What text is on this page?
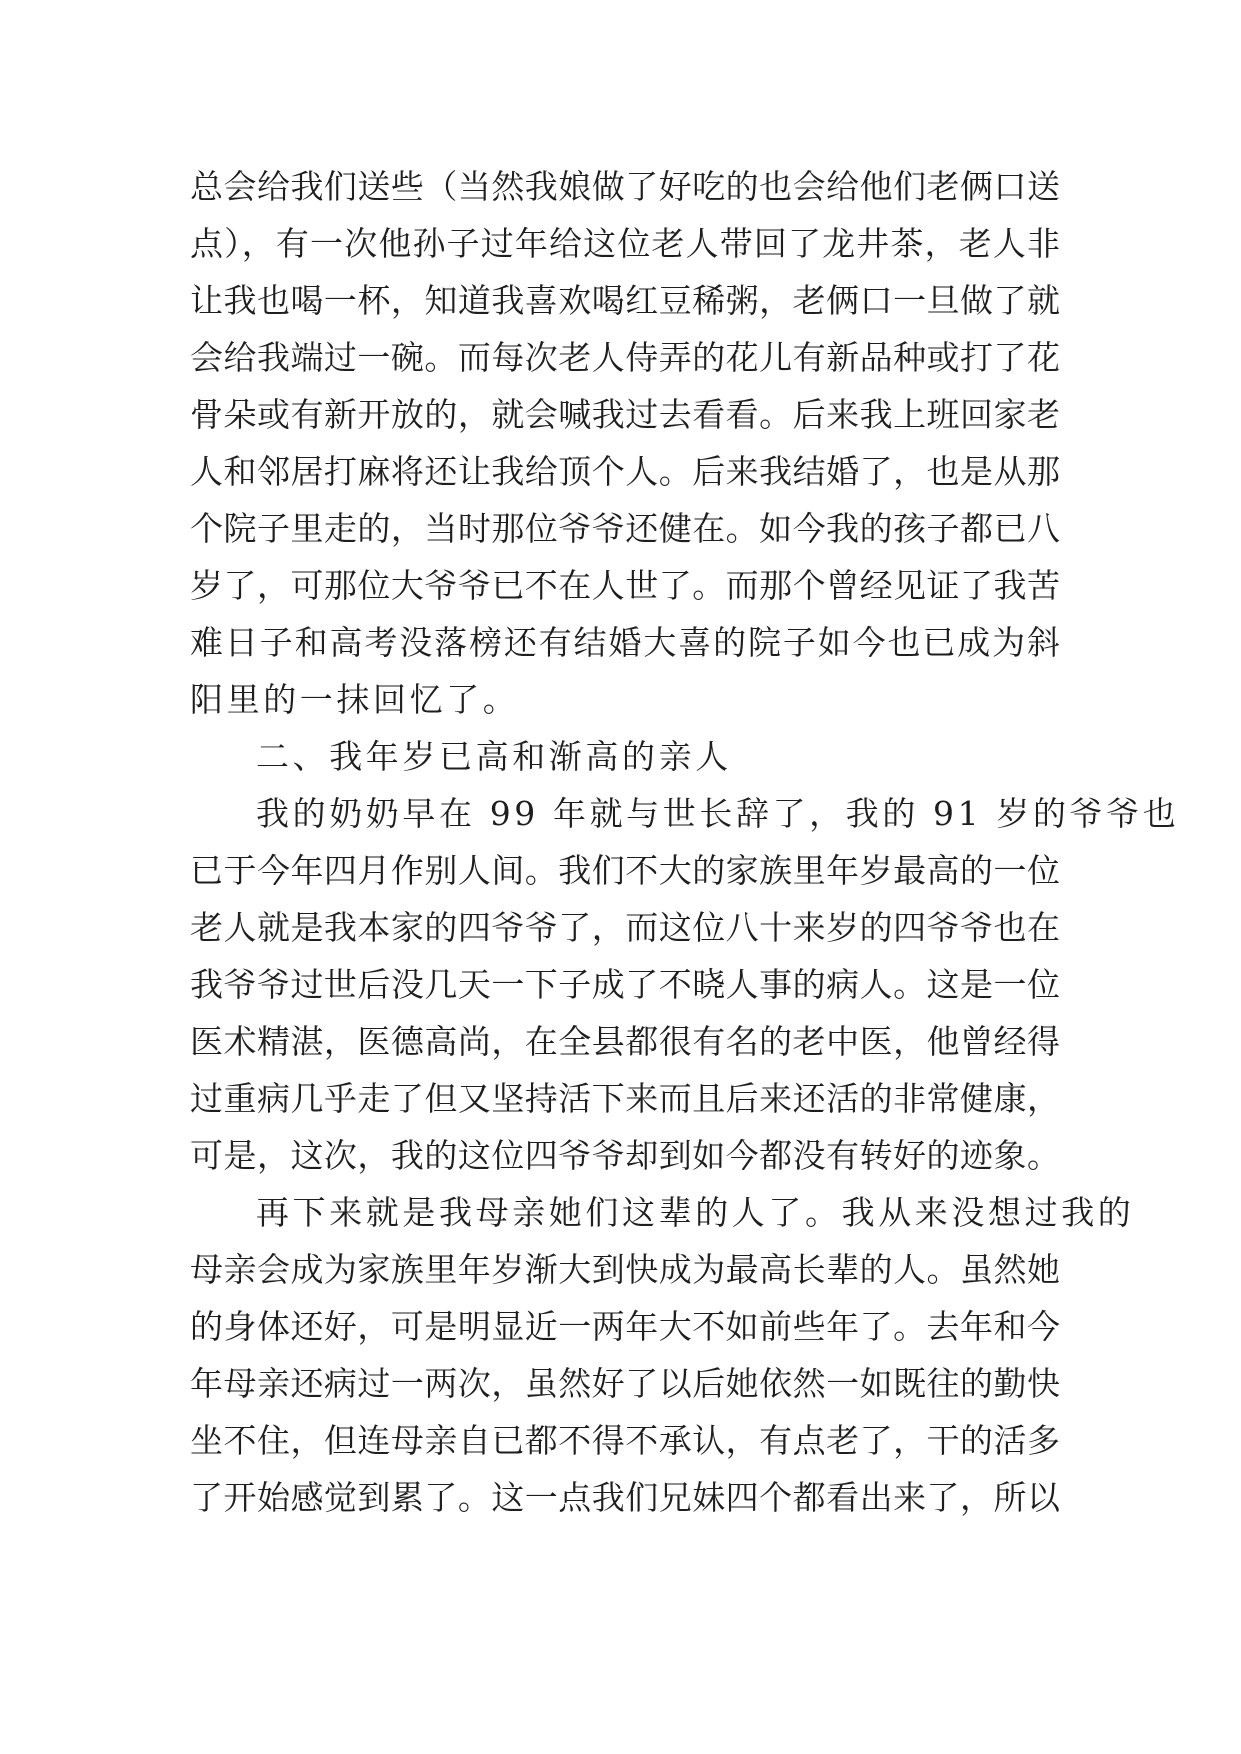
总会给我们送些（当然我娘做了好吃的也会给他们老俩口送
点），有一次他孙子过年给这位老人带回了龙井茶，老人非
让我也喝一杯，知道我喜欢喝红豆稀粥，老俩口一旦做了就
会给我端过一碗。而每次老人侍弄的花儿有新品种或打了花
骨朵或有新开放的，就会喊我过去看看。后来我上班回家老
人和邻居打麻将还让我给顶个人。后来我结婚了，也是从那
个院子里走的，当时那位爷爷还健在。如今我的孩子都已八
岁了，可那位大爷爷已不在人世了。而那个曾经见证了我苦
难日子和高考没落榜还有结婚大喜的院子如今也已成为斜
阳里的一抹回忆了。
二、我年岁已高和渐高的亲人
我的奶奶早在 99 年就与世长辞了，我的 91 岁的爷爷也
已于今年四月作别人间。我们不大的家族里年岁最高的一位
老人就是我本家的四爷爷了，而这位八十来岁的四爷爷也在
我爷爷过世后没几天一下子成了不晓人事的病人。这是一位
医术精湛，医德高尚，在全县都很有名的老中医，他曾经得
过重病几乎走了但又坚持活下来而且后来还活的非常健康，
可是，这次，我的这位四爷爷却到如今都没有转好的迹象。
再下来就是我母亲她们这辈的人了。我从来没想过我的
母亲会成为家族里年岁渐大到快成为最高长辈的人。虽然她
的身体还好，可是明显近一两年大不如前些年了。去年和今
年母亲还病过一两次，虽然好了以后她依然一如既往的勤快
坐不住，但连母亲自已都不得不承认，有点老了，干的活多
了开始感觉到累了。这一点我们兄妹四个都看出来了，所以
